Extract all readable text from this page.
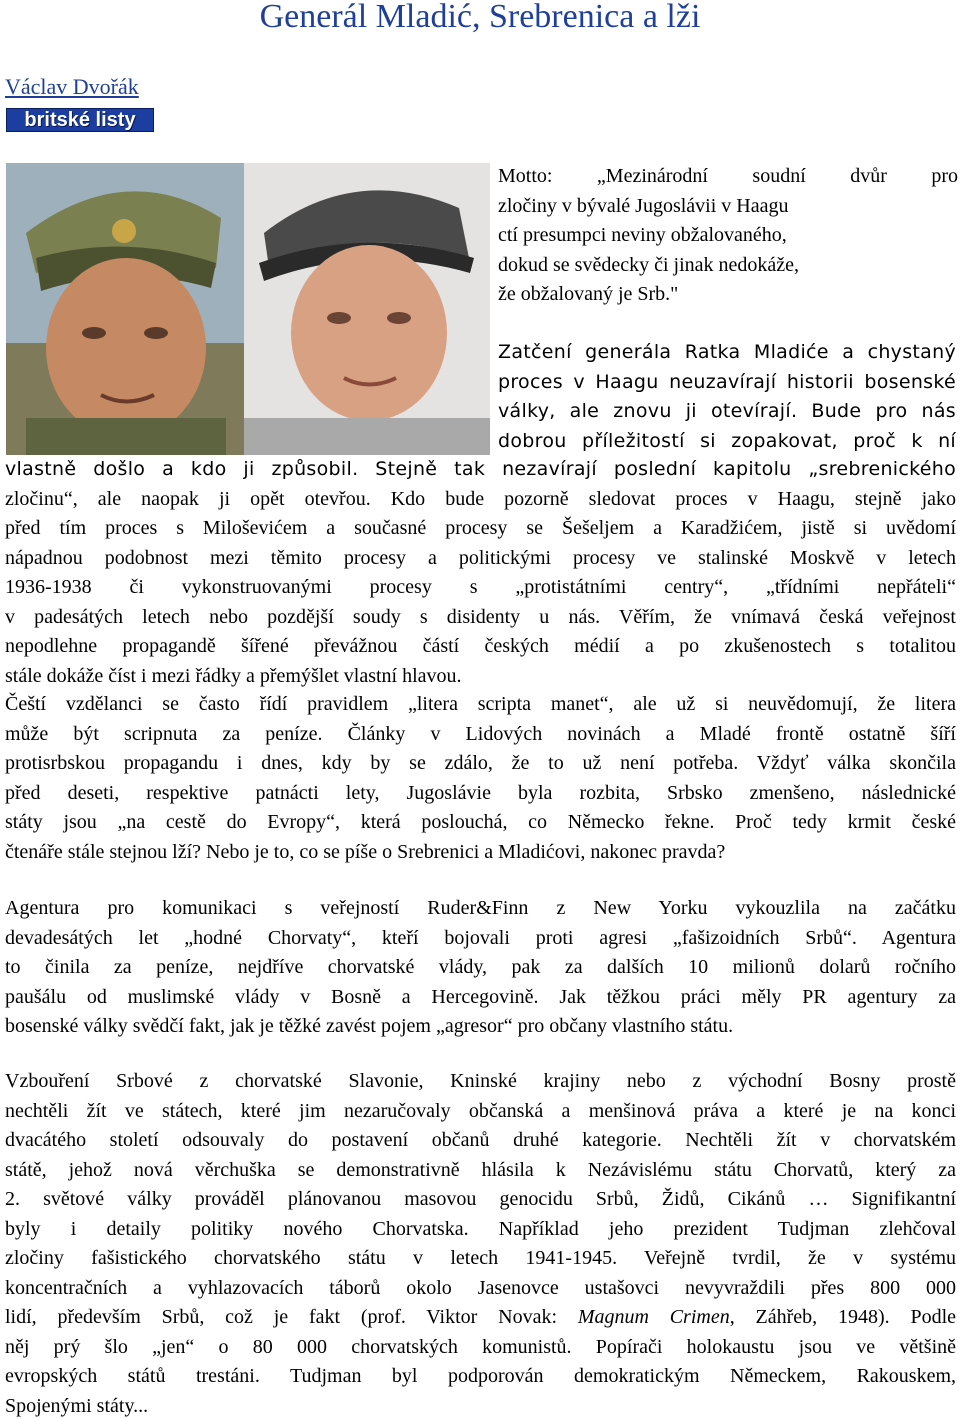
Generál Mladić, Srebrenica a lži
Václav Dvořák
britské listy
Motto: „Mezinárodní soudní dvůr pro
zločiny v bývalé Jugoslávii v Haagu
ctí presumpci neviny obžalovaného,
dokud se svědecky či jinak nedokáže,
že obžalovaný je Srb."
Zatčení generála Ratka Mladiće a chystaný
proces v Haagu neuzavírají historii bosenské
války, ale znovu ji otevírají. Bude pro nás
dobrou příležitostí si zopakovat, proč k ní
vlastně došlo a kdo ji způsobil. Stejně tak nezavírají poslední kapitolu „srebrenického
zločinu“, ale naopak ji opět otevřou. Kdo bude pozorně sledovat proces v Haagu, stejně jako
před tím proces s Miloševićem a současné procesy se Šešeljem a Karadžićem, jistě si uvědomí
nápadnou podobnost mezi těmito procesy a politickými procesy ve stalinské Moskvě v letech
1936-1938 či vykonstruovanými procesy s „protistátními centry“, „třídními nepřáteli“
v padesátých letech nebo pozdější soudy s disidenty u nás. Věřím, že vnímavá česká veřejnost
nepodlehne propagandě šířené převážnou částí českých médií a po zkušenostech s totalitou
stále dokáže číst i mezi řádky a přemýšlet vlastní hlavou.
Čeští vzdělanci se často řídí pravidlem „litera scripta manet“, ale už si neuvědomují, že litera
může být scripnuta za peníze. Články v Lidových novinách a Mladé frontě ostatně šíří
protisrbskou propagandu i dnes, kdy by se zdálo, že to už není potřeba. Vždyť válka skončila
před deseti, respektive patnácti lety, Jugoslávie byla rozbita, Srbsko zmenšeno, následnické
státy jsou „na cestě do Evropy“, která poslouchá, co Německo řekne. Proč tedy krmit české
čtenáře stále stejnou lží? Nebo je to, co se píše o Srebrenici a Mladićovi, nakonec pravda?
Agentura pro komunikaci s veřejností Ruder&Finn z New Yorku vykouzlila na začátku
devadesátých let „hodné Chorvaty“, kteří bojovali proti agresi „fašizoidních Srbů“. Agentura
to činila za peníze, nejdříve chorvatské vlády, pak za dalších 10 milionů dolarů ročního
paušálu od muslimské vlády v Bosně a Hercegovině. Jak těžkou práci měly PR agentury za
bosenské války svědčí fakt, jak je těžké zavést pojem „agresor“ pro občany vlastního státu.
Vzbouření Srbové z chorvatské Slavonie, Kninské krajiny nebo z východní Bosny prostě
nechtěli žít ve státech, které jim nezaručovaly občanská a menšinová práva a které je na konci
dvacátého století odsouvaly do postavení občanů druhé kategorie. Nechtěli žít v chorvatském
státě, jehož nová věrchuška se demonstrativně hlásila k Nezávislému státu Chorvatů, který za
2. světové války prováděl plánovanou masovou genocidu Srbů, Židů, Cikánů … Signifikantní
byly i detaily politiky nového Chorvatska. Například jeho prezident Tudjman zlehčoval
zločiny fašistického chorvatského státu v letech 1941-1945. Veřejně tvrdil, že v systému
koncentračních a vyhlazovacích táborů okolo Jasenovce ustašovci nevyvraždili přes 800 000
lidí, především Srbů, což je fakt (prof. Viktor Novak: Magnum Crimen, Záhřeb, 1948). Podle
něj prý šlo „jen“ o 80 000 chorvatských komunistů. Popírači holokaustu jsou ve většině
evropských států trestáni. Tudjman byl podporován demokratickým Německem, Rakouskem,
Spojenými státy...
